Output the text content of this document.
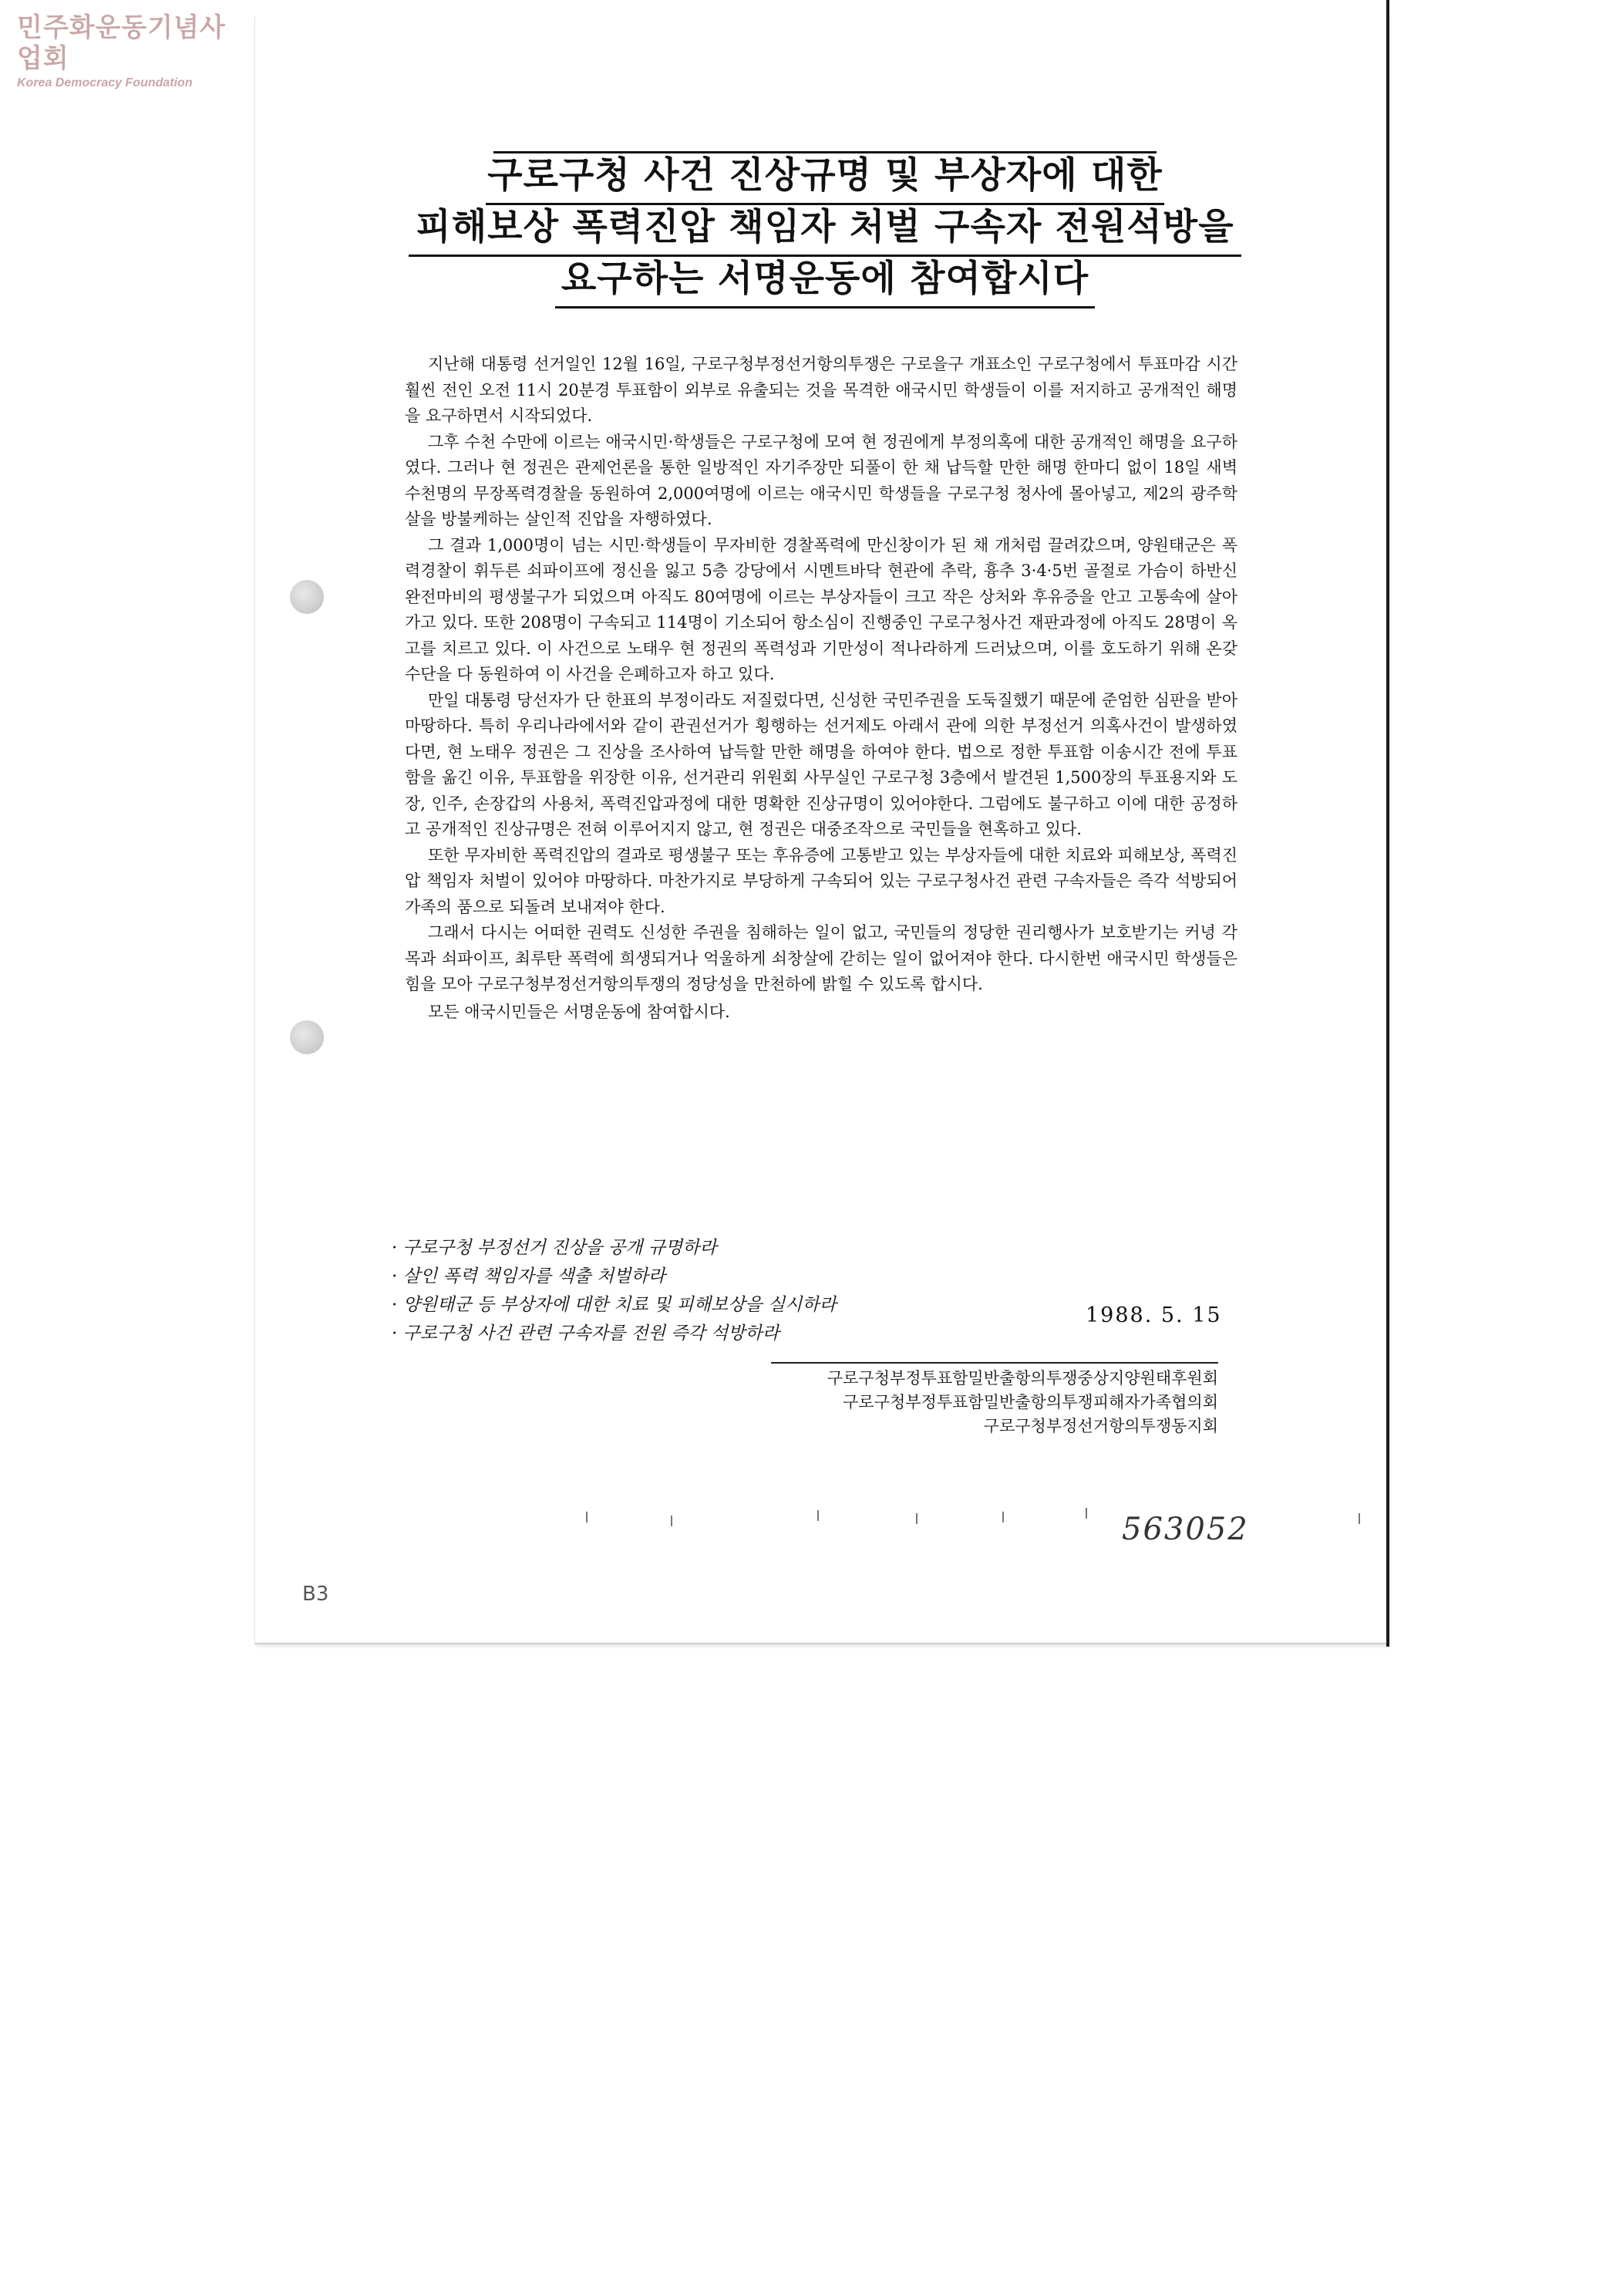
민주화운동기념사업회
Korea Democracy Foundation
구로구청 사건 진상규명 및 부상자에 대한
피해보상 폭력진압 책임자 처벌 구속자 전원석방을
요구하는 서명운동에 참여합시다

지난해 대통령 선거일인 12월 16일, 구로구청부정선거항의투쟁은 구로을구 개표소인 구로구청에서 투표마감 시간 훨씬 전인 오전 11시 20분경 투표함이 외부로 유출되는 것을 목격한 애국시민 학생들이 이를 저지하고 공개적인 해명을 요구하면서 시작되었다.

그후 수천 수만에 이르는 애국시민·학생들은 구로구청에 모여 현 정권에게 부정의혹에 대한 공개적인 해명을 요구하였다. 그러나 현 정권은 관제언론을 통한 일방적인 자기주장만 되풀이 한 채 납득할 만한 해명 한마디 없이 18일 새벽 수천명의 무장폭력경찰을 동원하여 2,000여명에 이르는 애국시민 학생들을 구로구청 청사에 몰아넣고, 제2의 광주학살을 방불케하는 살인적 진압을 자행하였다.

그 결과 1,000명이 넘는 시민·학생들이 무자비한 경찰폭력에 만신창이가 된 채 개처럼 끌려갔으며, 양원태군은 폭력경찰이 휘두른 쇠파이프에 정신을 잃고 5층 강당에서 시멘트바닥 현관에 추락, 흉추 3·4·5번 골절로 가슴이 하반신 완전마비의 평생불구가 되었으며 아직도 80여명에 이르는 부상자들이 크고 작은 상처와 후유증을 안고 고통속에 살아가고 있다. 또한 208명이 구속되고 114명이 기소되어 항소심이 진행중인 구로구청사건 재판과정에 아직도 28명이 옥고를 치르고 있다. 이 사건으로 노태우 현 정권의 폭력성과 기만성이 적나라하게 드러났으며, 이를 호도하기 위해 온갖 수단을 다 동원하여 이 사건을 은폐하고자 하고 있다.

만일 대통령 당선자가 단 한표의 부정이라도 저질렀다면, 신성한 국민주권을 도둑질했기 때문에 준엄한 심판을 받아 마땅하다. 특히 우리나라에서와 같이 관권선거가 횡행하는 선거제도 아래서 관에 의한 부정선거 의혹사건이 발생하였다면, 현 노태우 정권은 그 진상을 조사하여 납득할 만한 해명을 하여야 한다. 법으로 정한 투표함 이송시간 전에 투표함을 옮긴 이유, 투표함을 위장한 이유, 선거관리 위원회 사무실인 구로구청 3층에서 발견된 1,500장의 투표용지와 도장, 인주, 손장갑의 사용처, 폭력진압과정에 대한 명확한 진상규명이 있어야한다. 그럼에도 불구하고 이에 대한 공정하고 공개적인 진상규명은 전혀 이루어지지 않고, 현 정권은 대중조작으로 국민들을 현혹하고 있다.

또한 무자비한 폭력진압의 결과로 평생불구 또는 후유증에 고통받고 있는 부상자들에 대한 치료와 피해보상, 폭력진압 책임자 처벌이 있어야 마땅하다. 마찬가지로 부당하게 구속되어 있는 구로구청사건 관련 구속자들은 즉각 석방되어 가족의 품으로 되돌려 보내져야 한다.

그래서 다시는 어떠한 권력도 신성한 주권을 침해하는 일이 없고, 국민들의 정당한 권리행사가 보호받기는 커녕 각목과 쇠파이프, 최루탄 폭력에 희생되거나 억울하게 쇠창살에 갇히는 일이 없어져야 한다. 다시한번 애국시민 학생들은 힘을 모아 구로구청부정선거항의투쟁의 정당성을 만천하에 밝힐 수 있도록 합시다.

모든 애국시민들은 서명운동에 참여합시다.

· 구로구청 부정선거 진상을 공개 규명하라
· 살인 폭력 책임자를 색출 처벌하라
· 양원태군 등 부상자에 대한 치료 및 피해보상을 실시하라
· 구로구청 사건 관련 구속자를 전원 즉각 석방하라
1988. 5. 15
구로구청부정투표함밀반출항의투쟁중상지양원태후원회
구로구청부정투표함밀반출항의투쟁피해자가족협의회
구로구청부정선거항의투쟁동지회
563052
B3
